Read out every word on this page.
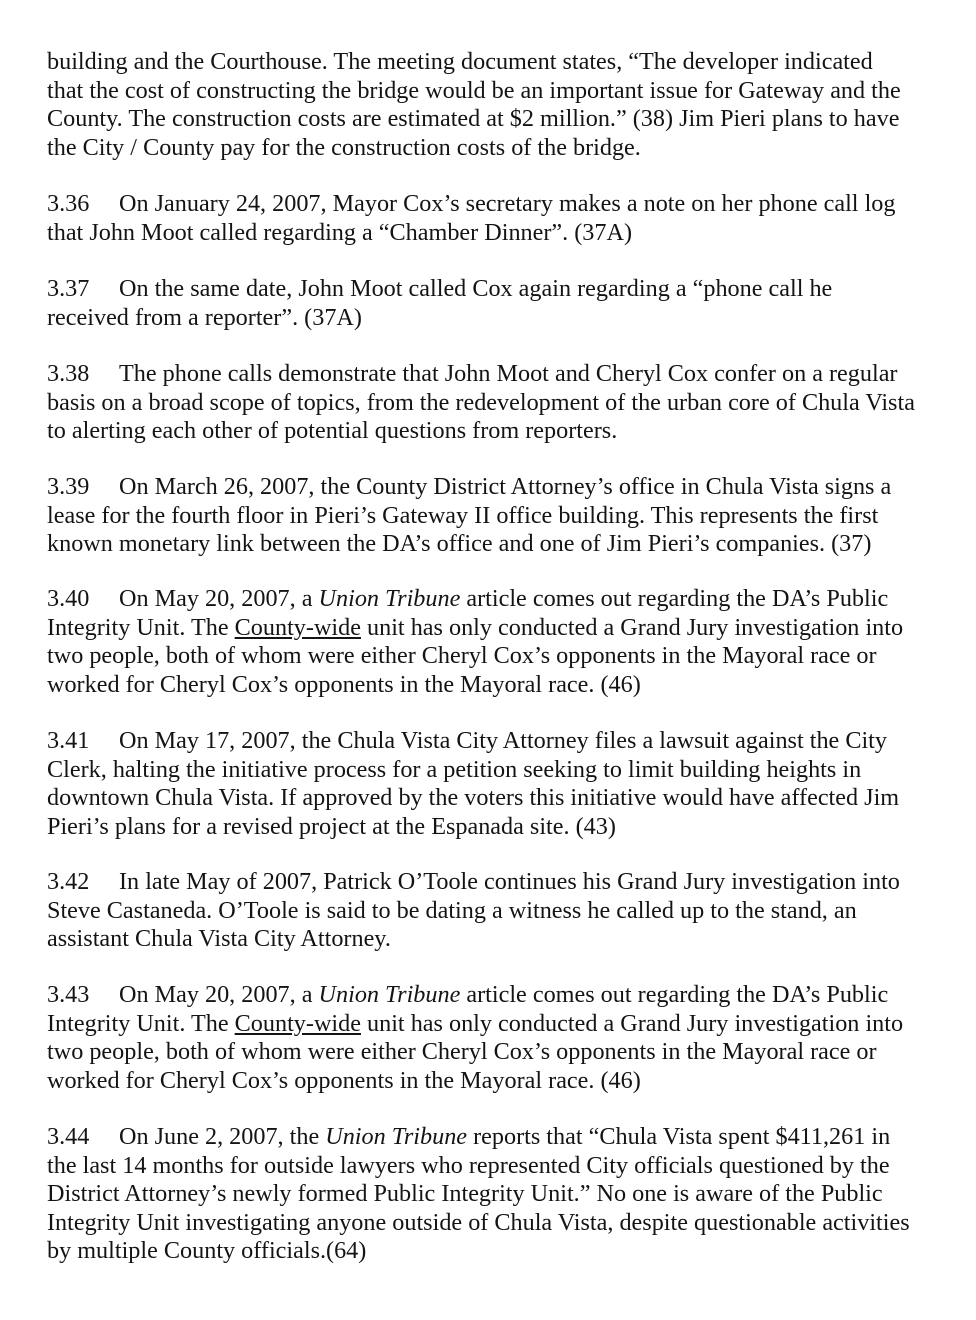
building and the Courthouse. The meeting document states, “The developer indicated
that the cost of constructing the bridge would be an important issue for Gateway and the
County. The construction costs are estimated at $2 million.” (38) Jim Pieri plans to have
the City / County pay for the construction costs of the bridge.

3.36 On January 24, 2007, Mayor Cox’s secretary makes a note on her phone call log
that John Moot called regarding a “Chamber Dinner”. (37A)

3.37 On the same date, John Moot called Cox again regarding a “phone call he
received from a reporter”. (37A)

3.38 The phone calls demonstrate that John Moot and Cheryl Cox confer on a regular
basis on a broad scope of topics, from the redevelopment of the urban core of Chula Vista
to alerting each other of potential questions from reporters.

3.39 On March 26, 2007, the County District Attorney’s office in Chula Vista signs a
lease for the fourth floor in Pieri’s Gateway II office building. This represents the first
known monetary link between the DA’s office and one of Jim Pieri’s companies. (37)

3.40 On May 20, 2007, a Union Tribune article comes out regarding the DA’s Public
Integrity Unit. The County-wide unit has only conducted a Grand Jury investigation into
two people, both of whom were either Cheryl Cox’s opponents in the Mayoral race or
worked for Cheryl Cox’s opponents in the Mayoral race. (46)

3.41 On May 17, 2007, the Chula Vista City Attorney files a lawsuit against the City
Clerk, halting the initiative process for a petition seeking to limit building heights in
downtown Chula Vista. If approved by the voters this initiative would have affected Jim
Pieri’s plans for a revised project at the Espanada site. (43)

3.42 In late May of 2007, Patrick O’Toole continues his Grand Jury investigation into
Steve Castaneda. O’Toole is said to be dating a witness he called up to the stand, an
assistant Chula Vista City Attorney.

3.43 On May 20, 2007, a Union Tribune article comes out regarding the DA’s Public
Integrity Unit. The County-wide unit has only conducted a Grand Jury investigation into
two people, both of whom were either Cheryl Cox’s opponents in the Mayoral race or
worked for Cheryl Cox’s opponents in the Mayoral race. (46)

3.44 On June 2, 2007, the Union Tribune reports that “Chula Vista spent $411,261 in
the last 14 months for outside lawyers who represented City officials questioned by the
District Attorney’s newly formed Public Integrity Unit.” No one is aware of the Public
Integrity Unit investigating anyone outside of Chula Vista, despite questionable activities
by multiple County officials.(64)
